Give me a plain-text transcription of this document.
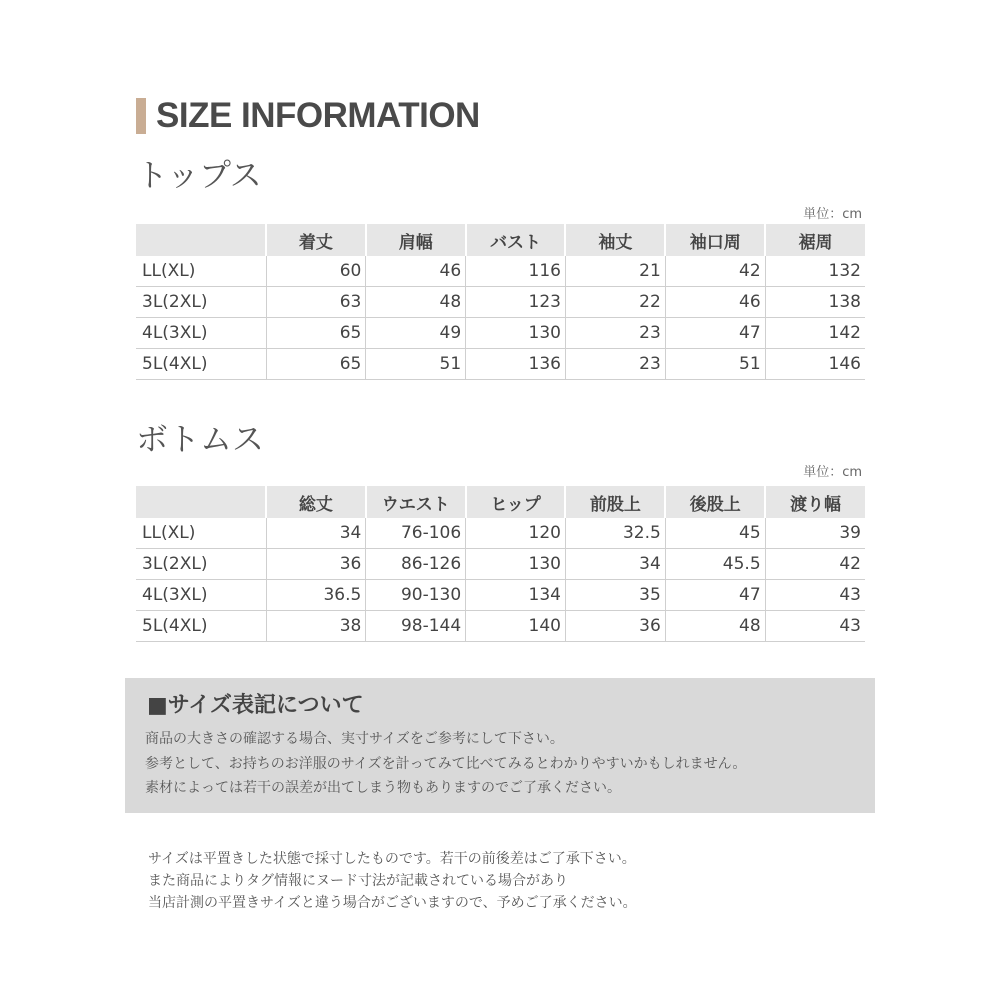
SIZE INFORMATION
トップス
単位：cm
	着丈	肩幅	バスト	袖丈	袖口周	裾周
LL(XL)	60	46	116	21	42	132
3L(2XL)	63	48	123	22	46	138
4L(3XL)	65	49	130	23	47	142
5L(4XL)	65	51	136	23	51	146
ボトムス
単位：cm
	総丈	ウエスト	ヒップ	前股上	後股上	渡り幅
LL(XL)	34	76-106	120	32.5	45	39
3L(2XL)	36	86-126	130	34	45.5	42
4L(3XL)	36.5	90-130	134	35	47	43
5L(4XL)	38	98-144	140	36	48	43
■サイズ表記について
商品の大きさの確認する場合、実寸サイズをご参考にして下さい。
参考として、お持ちのお洋服のサイズを計ってみて比べてみるとわかりやすいかもしれません。
素材によっては若干の誤差が出てしまう物もありますのでご了承ください。
サイズは平置きした状態で採寸したものです。若干の前後差はご了承下さい。
また商品によりタグ情報にヌード寸法が記載されている場合があり
当店計測の平置きサイズと違う場合がございますので、予めご了承ください。
